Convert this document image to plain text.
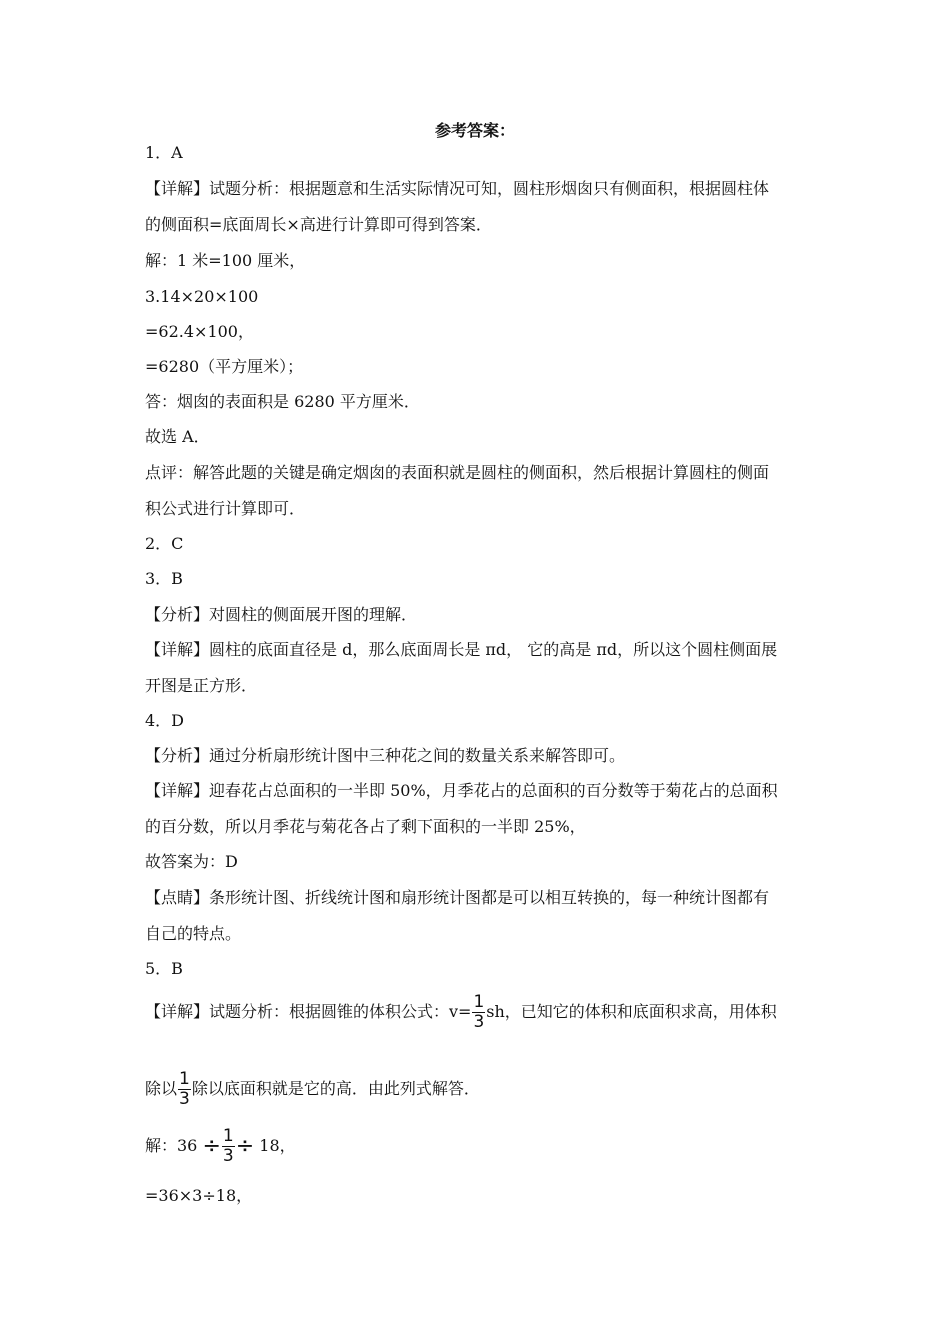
参考答案：
1．A
【详解】试题分析：根据题意和生活实际情况可知，圆柱形烟囱只有侧面积，根据圆柱体
的侧面积=底面周长×高进行计算即可得到答案．
解：1 米=100 厘米，
3.14×20×100
=62.4×100，
=6280（平方厘米）；
答：烟囱的表面积是 6280 平方厘米．
故选 A．
点评：解答此题的关键是确定烟囱的表面积就是圆柱的侧面积，然后根据计算圆柱的侧面
积公式进行计算即可．
2．C
3．B
【分析】对圆柱的侧面展开图的理解．
【详解】圆柱的底面直径是 d，那么底面周长是 πd， 它的高是 πd，所以这个圆柱侧面展
开图是正方形．
4．D
【分析】通过分析扇形统计图中三种花之间的数量关系来解答即可。
【详解】迎春花占总面积的一半即 50%，月季花占的总面积的百分数等于菊花占的总面积
的百分数，所以月季花与菊花各占了剩下面积的一半即 25%，
故答案为：D
【点睛】条形统计图、折线统计图和扇形统计图都是可以相互转换的，每一种统计图都有
自己的特点。
5．B
【详解】试题分析：根据圆锥的体积公式：$v= \frac{1}{3}$ sh，已知它的体积和底面积求高，用体积
除以 $\frac{1}{3}$ 除以底面积就是它的高．由此列式解答．
解：$36 \div \frac{1}{3} \div 18$，
=36×3÷18，
